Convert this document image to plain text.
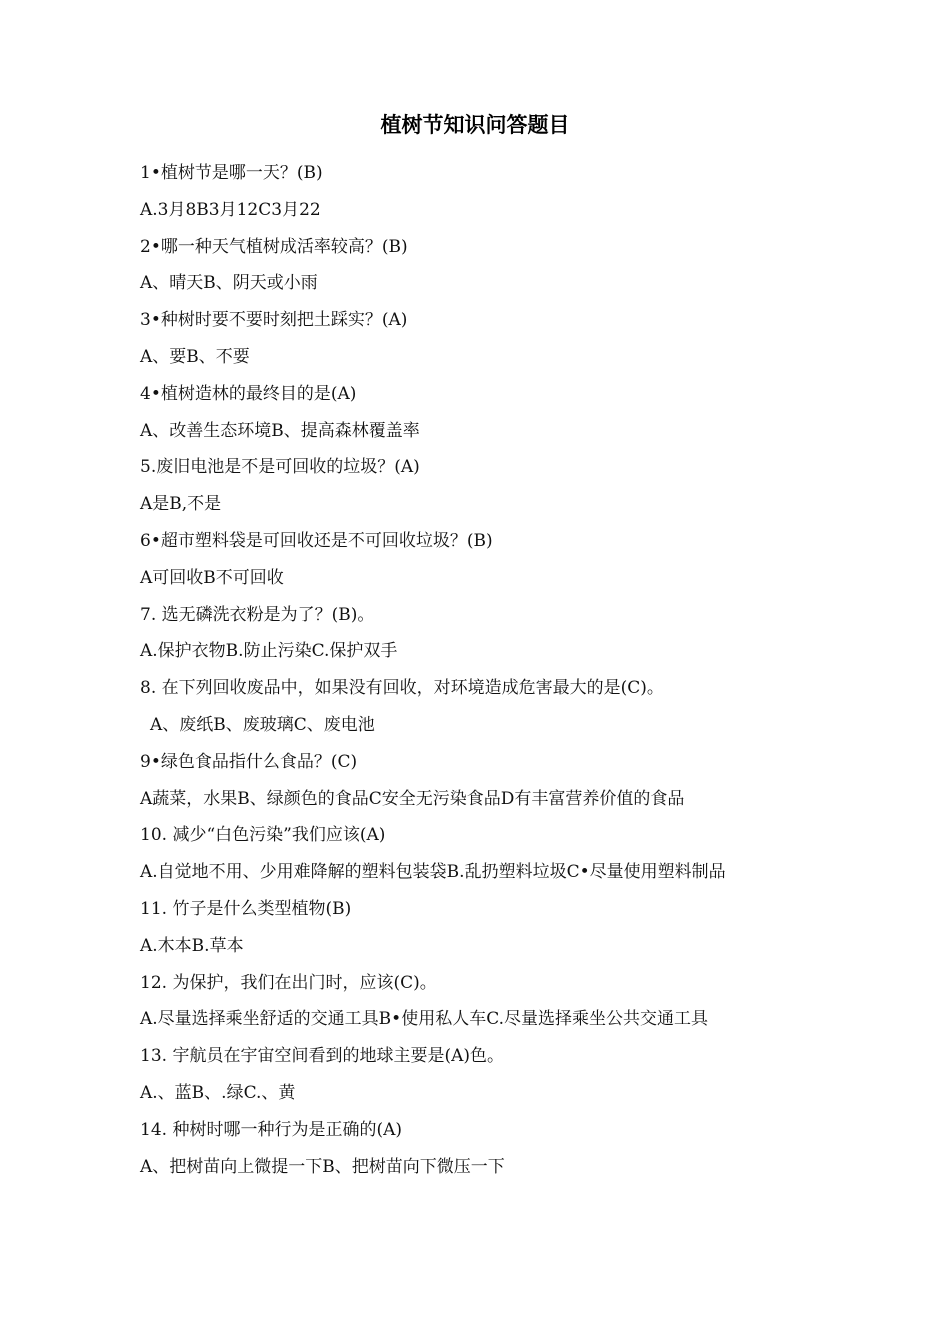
植树节知识问答题目
1•植树节是哪一天？(B)
A.3月8B3月12C3月22
2•哪一种天气植树成活率较高？(B)
A、晴天B、阴天或小雨
3•种树时要不要时刻把土踩实？(A)
A、要B、不要
4•植树造林的最终目的是(A)
A、改善生态环境B、提高森林覆盖率
5.废旧电池是不是可回收的垃圾？(A)
A是B,不是
6•超市塑料袋是可回收还是不可回收垃圾？(B)
A可回收B不可回收
7. 选无磷洗衣粉是为了？(B)。
A.保护衣物B.防止污染C.保护双手
8. 在下列回收废品中，如果没有回收，对环境造成危害最大的是(C)。
A、废纸B、废玻璃C、废电池
9•绿色食品指什么食品？(C)
A蔬菜，水果B、绿颜色的食品C安全无污染食品D有丰富营养价值的食品
10. 减少“白色污染”我们应该(A)
A.自觉地不用、少用难降解的塑料包装袋B.乱扔塑料垃圾C•尽量使用塑料制品
11. 竹子是什么类型植物(B)
A.木本B.草本
12. 为保护，我们在出门时，应该(C)。
A.尽量选择乘坐舒适的交通工具B•使用私人车C.尽量选择乘坐公共交通工具
13. 宇航员在宇宙空间看到的地球主要是(A)色。
A.、蓝B、.绿C.、黄
14. 种树时哪一种行为是正确的(A)
A、把树苗向上微提一下B、把树苗向下微压一下
